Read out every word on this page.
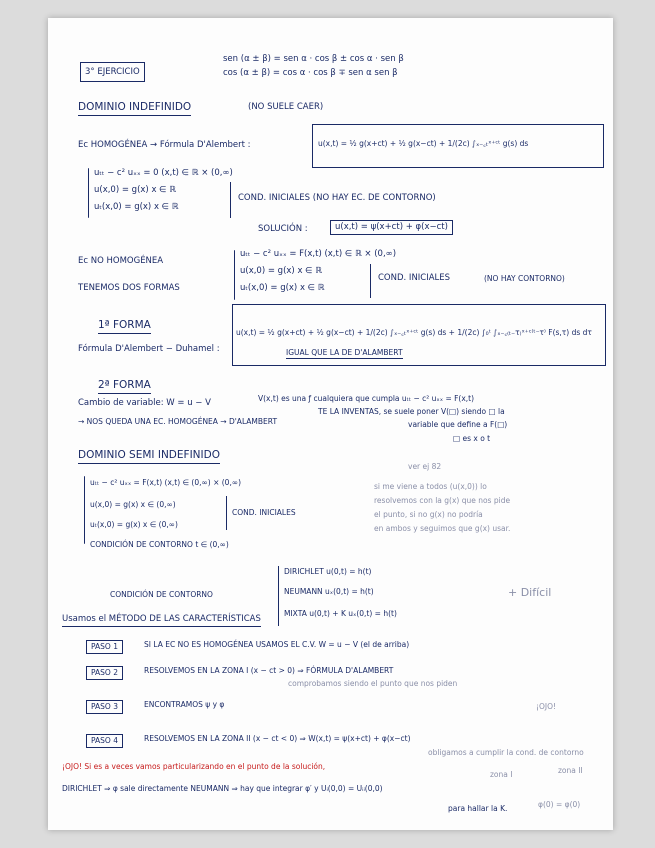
3° EJERCICIO
sen (α ± β) = sen α · cos β ± cos α · sen β
cos (α ± β) = cos α · cos β ∓ sen α sen β
DOMINIO INDEFINIDO	(NO SUELE CAER)
Ec HOMOGÉNEA → Fórmula D'Alembert :	u(x,t) = ½ g(x+ct) + ½ g(x−ct) + 1/(2c) ∫ₓ₋꜀ₜˣ⁺ᶜᵗ g(s) ds
uₜₜ − c² uₓₓ = 0 (x,t) ∈ ℝ × (0,∞)
u(x,0) = g(x) x ∈ ℝ
uₜ(x,0) = g(x) x ∈ ℝ
COND. INICIALES (NO HAY EC. DE CONTORNO)
SOLUCIÓN :	u(x,t) = ψ(x+ct) + φ(x−ct)
Ec NO HOMOGÉNEA
TENEMOS DOS FORMAS
uₜₜ − c² uₓₓ = F(x,t) (x,t) ∈ ℝ × (0,∞)
u(x,0) = g(x) x ∈ ℝ
uₜ(x,0) = g(x) x ∈ ℝ
COND. INICIALES	(NO HAY CONTORNO)
1ª FORMA
Fórmula D'Alembert − Duhamel :
u(x,t) = ½ g(x+ct) + ½ g(x−ct) + 1/(2c) ∫ₓ₋꜀ₜˣ⁺ᶜᵗ g(s) ds + 1/(2c) ∫₀ᵗ ∫ₓ₋꜀₍ₜ₋τ₎ˣ⁺ᶜ⁽ᵗ⁻τ⁾ F(s,τ) ds dτ
IGUAL QUE LA DE D'ALAMBERT
2ª FORMA
Cambio de variable: W = u − V	V(x,t) es una ƒ cualquiera que cumpla uₜₜ − c² uₓₓ = F(x,t)
TE LA INVENTAS, se suele poner V(□) siendo □ la
→ NOS QUEDA UNA EC. HOMOGÉNEA → D'ALAMBERT	variable que define a F(□)
□ es x o t
DOMINIO SEMI INDEFINIDO
uₜₜ − c² uₓₓ = F(x,t) (x,t) ∈ (0,∞) × (0,∞)
u(x,0) = g(x) x ∈ (0,∞)
uₜ(x,0) = g(x) x ∈ (0,∞)
COND. INICIALES
CONDICIÓN DE CONTORNO t ∈ (0,∞)
ver ej 82
si me viene a todos (u(x,0)) lo
resolvemos con la g(x) que nos pide
el punto, si no g(x) no podría
en ambos y seguimos que g(x) usar.
CONDICIÓN DE CONTORNO
DIRICHLET u(0,t) = h(t)
NEUMANN uₓ(0,t) = h(t)
MIXTA u(0,t) + K uₓ(0,t) = h(t)
+ Difícil
Usamos el MÉTODO DE LAS CARACTERÍSTICAS
PASO 1	SI LA EC NO ES HOMOGÉNEA USAMOS EL C.V. W = u − V (el de arriba)
PASO 2	RESOLVEMOS EN LA ZONA I (x − ct > 0) ⇒ FÓRMULA D'ALAMBERT
comprobamos siendo el punto que nos piden
PASO 3	ENCONTRAMOS ψ y φ
PASO 4	RESOLVEMOS EN LA ZONA II (x − ct < 0) ⇒ W(x,t) = ψ(x+ct) + φ(x−ct)
obligamos a cumplir la cond. de contorno
¡OJO!
¡OJO! Si es a veces vamos particularizando en el punto de la solución,
zona I	zona II
DIRICHLET ⇒ φ sale directamente NEUMANN ⇒ hay que integrar φ′ y Uᵢ(0,0) = Uᵢᵢ(0,0)
para hallar la K.	φ(0) = φ(0)
